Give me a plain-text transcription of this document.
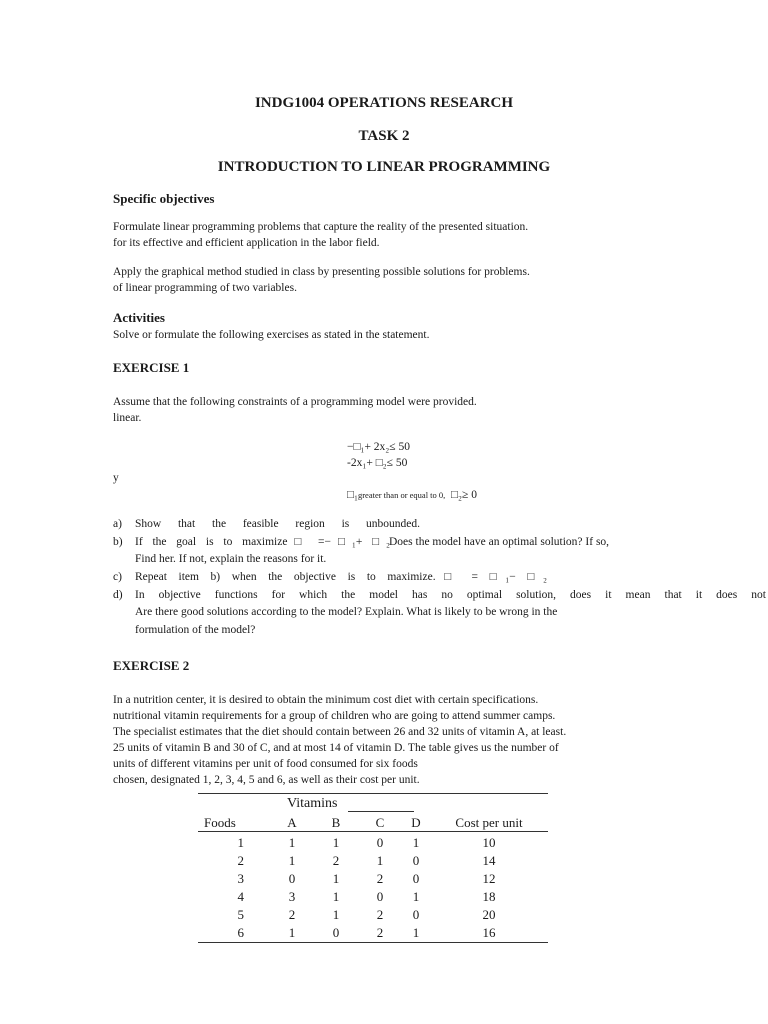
INDG1004 OPERATIONS RESEARCH
TASK 2
INTRODUCTION TO LINEAR PROGRAMMING
Specific objectives
Formulate linear programming problems that capture the reality of the presented situation.
for its effective and efficient application in the labor field.
Apply the graphical method studied in class by presenting possible solutions for problems.
of linear programming of two variables.
Activities
Solve or formulate the following exercises as stated in the statement.
EXERCISE 1
Assume that the following constraints of a programming model were provided.
linear.
−□₁+ 2x₂≤ 50
-2x₁+ □₂≤ 50
y
□₁greater than or equal to 0, □₂≥ 0
a) Show that the feasible region is unbounded.
b) If the goal is to maximize□ =−□₁+ □₂ Does the model have an optimal solution? If so,
Find her. If not, explain the reasons for it.
c) Repeat item b) when the objective is to maximize.□ = □₁− □₂
d) In objective functions for which the model has no optimal solution, does it mean that it does not
Are there good solutions according to the model? Explain. What is likely to be wrong in the
formulation of the model?
EXERCISE 2
In a nutrition center, it is desired to obtain the minimum cost diet with certain specifications.
nutritional vitamin requirements for a group of children who are going to attend summer camps.
The specialist estimates that the diet should contain between 26 and 32 units of vitamin A, at least.
25 units of vitamin B and 30 of C, and at most 14 of vitamin D. The table gives us the number of
units of different vitamins per unit of food consumed for six foods
chosen, designated 1, 2, 3, 4, 5 and 6, as well as their cost per unit.
Vitamins
Foods	A	B	C	D	Cost per unit
1	1	1	0	1	10
2	1	2	1	0	14
3	0	1	2	0	12
4	3	1	0	1	18
5	2	1	2	0	20
6	1	0	2	1	16
